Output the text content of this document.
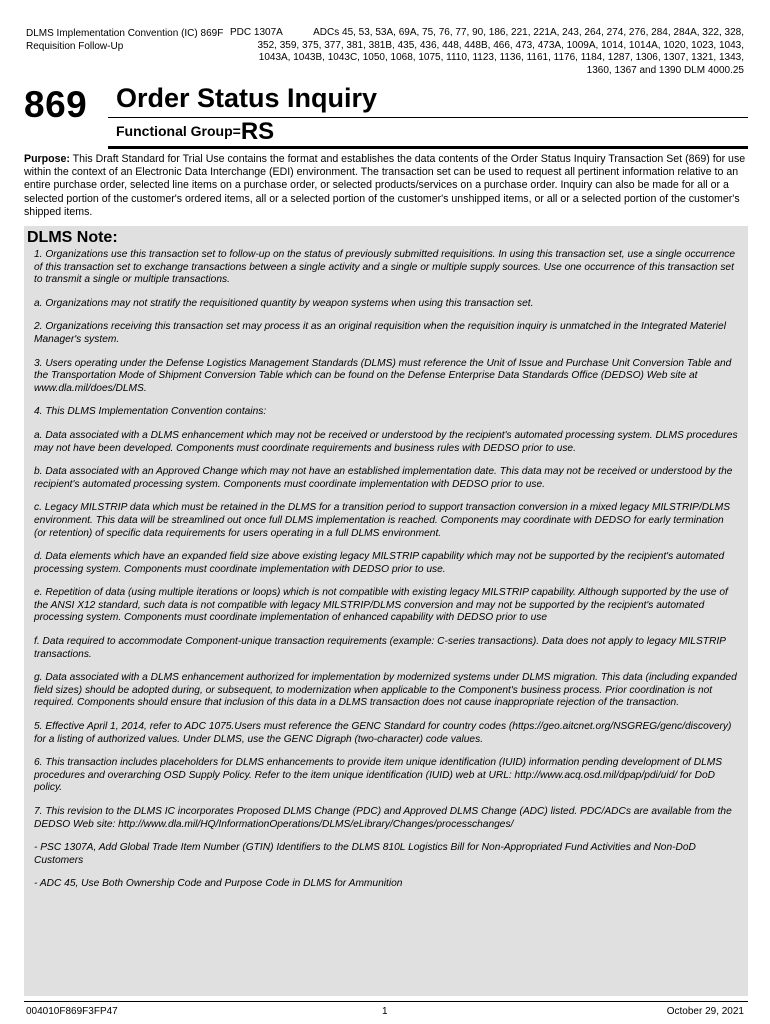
DLMS Implementation Convention (IC) 869F
Requisition Follow-Up
PDC 1307A	ADCs 45, 53, 53A, 69A, 75, 76, 77, 90, 186, 221, 221A, 243, 264, 274, 276, 284, 284A, 322, 328,
352, 359, 375, 377, 381, 381B, 435, 436, 448, 448B, 466, 473, 473A, 1009A, 1014, 1014A, 1020, 1023, 1043,
1043A, 1043B, 1043C, 1050, 1068, 1075, 1110, 1123, 1136, 1161, 1176, 1184, 1287, 1306, 1307, 1321, 1343,
1360, 1367 and 1390 DLM 4000.25
869 Order Status Inquiry
Functional Group=RS
Purpose: This Draft Standard for Trial Use contains the format and establishes the data contents of the Order Status Inquiry Transaction Set (869) for use within the context of an Electronic Data Interchange (EDI) environment. The transaction set can be used to request all pertinent information relative to an entire purchase order, selected line items on a purchase order, or selected products/services on a purchase order. Inquiry can also be made for all or a selected portion of the customer's ordered items, all or a selected portion of the customer's unshipped items, or all or a selected portion of the customer's shipped items.
DLMS Note:

1. Organizations use this transaction set to follow-up on the status of previously submitted requisitions. In using this transaction set, use a single occurrence of this transaction set to exchange transactions between a single activity and a single or multiple supply sources. Use one occurrence of this transaction set to transmit a single or multiple transactions.

a. Organizations may not stratify the requisitioned quantity by weapon systems when using this transaction set.

2. Organizations receiving this transaction set may process it as an original requisition when the requisition inquiry is unmatched in the Integrated Materiel Manager's system.

3. Users operating under the Defense Logistics Management Standards (DLMS) must reference the Unit of Issue and Purchase Unit Conversion Table and the Transportation Mode of Shipment Conversion Table which can be found on the Defense Enterprise Data Standards Office (DEDSO) Web site at www.dla.mil/does/DLMS.

4. This DLMS Implementation Convention contains:

a. Data associated with a DLMS enhancement which may not be received or understood by the recipient's automated processing system. DLMS procedures may not have been developed. Components must coordinate requirements and business rules with DEDSO prior to use.

b. Data associated with an Approved Change which may not have an established implementation date. This data may not be received or understood by the recipient's automated processing system. Components must coordinate implementation with DEDSO prior to use.

c. Legacy MILSTRIP data which must be retained in the DLMS for a transition period to support transaction conversion in a mixed legacy MILSTRIP/DLMS environment. This data will be streamlined out once full DLMS implementation is reached. Components may coordinate with DEDSO for early termination (or retention) of specific data requirements for users operating in a full DLMS environment.

d. Data elements which have an expanded field size above existing legacy MILSTRIP capability which may not be supported by the recipient's automated processing system. Components must coordinate implementation with DEDSO prior to use.

e. Repetition of data (using multiple iterations or loops) which is not compatible with existing legacy MILSTRIP capability. Although supported by the use of the ANSI X12 standard, such data is not compatible with legacy MILSTRIP/DLMS conversion and may not be supported by the recipient's automated processing system. Components must coordinate implementation of enhanced capability with DEDSO prior to use

f. Data required to accommodate Component-unique transaction requirements (example: C-series transactions). Data does not apply to legacy MILSTRIP transactions.

g. Data associated with a DLMS enhancement authorized for implementation by modernized systems under DLMS migration. This data (including expanded field sizes) should be adopted during, or subsequent, to modernization when applicable to the Component's business process. Prior coordination is not required. Components should ensure that inclusion of this data in a DLMS transaction does not cause inappropriate rejection of the transaction.

5. Effective April 1, 2014, refer to ADC 1075.Users must reference the GENC Standard for country codes (https://geo.aitcnet.org/NSGREG/genc/discovery) for a listing of authorized values. Under DLMS, use the GENC Digraph (two-character) code values.

6. This transaction includes placeholders for DLMS enhancements to provide item unique identification (IUID) information pending development of DLMS procedures and overarching OSD Supply Policy. Refer to the item unique identification (IUID) web at URL: http://www.acq.osd.mil/dpap/pdi/uid/ for DoD policy.

7. This revision to the DLMS IC incorporates Proposed DLMS Change (PDC) and Approved DLMS Change (ADC) listed. PDC/ADCs are available from the DEDSO Web site: http://www.dla.mil/HQ/InformationOperations/DLMS/eLibrary/Changes/processchanges/

- PSC 1307A, Add Global Trade Item Number (GTIN) Identifiers to the DLMS 810L Logistics Bill for Non-Appropriated Fund Activities and Non-DoD Customers

- ADC 45, Use Both Ownership Code and Purpose Code in DLMS for Ammunition

004010F869F3FP47	1	October 29, 2021
